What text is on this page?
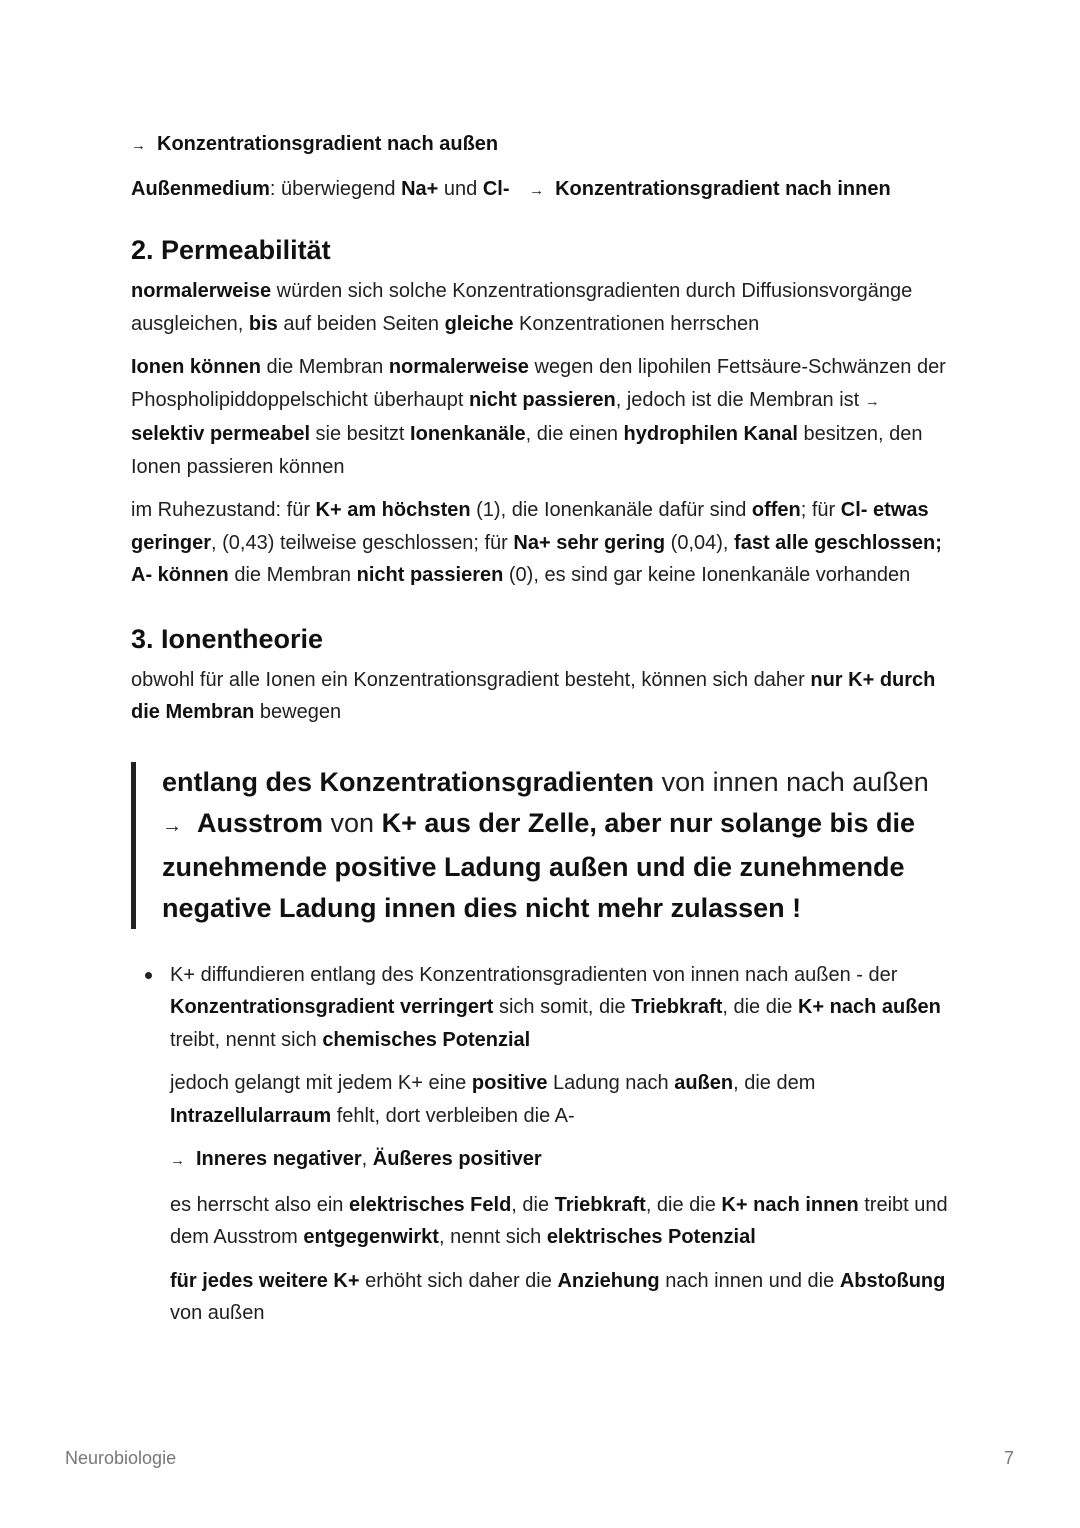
→ Konzentrationsgradient nach außen
Außenmedium: überwiegend Na+ und Cl- → Konzentrationsgradient nach innen
2. Permeabilität

normalerweise würden sich solche Konzentrationsgradienten durch Diffusionsvorgänge ausgleichen, bis auf beiden Seiten gleiche Konzentrationen herrschen

Ionen können die Membran normalerweise wegen den lipohilen Fettsäure-Schwänzen der Phospholipiddoppelschicht überhaupt nicht passieren, jedoch ist die Membran ist →selektiv permeabel sie besitzt Ionenkanäle, die einen hydrophilen Kanal besitzen, den Ionen passieren können

im Ruhezustand: für K+ am höchsten (1), die Ionenkanäle dafür sind offen; für Cl- etwas geringer, (0,43) teilweise geschlossen; für Na+ sehr gering (0,04), fast alle geschlossen; A- können die Membran nicht passieren (0), es sind gar keine Ionenkanäle vorhanden

3. Ionentheorie

obwohl für alle Ionen ein Konzentrationsgradient besteht, können sich daher nur K+ durch die Membran bewegen

entlang des Konzentrationsgradienten von innen nach außen → Ausstrom von K+ aus der Zelle, aber nur solange bis die zunehmende positive Ladung außen und die zunehmende negative Ladung innen dies nicht mehr zulassen !

K+ diffundieren entlang des Konzentrationsgradienten von innen nach außen - der Konzentrationsgradient verringert sich somit, die Triebkraft, die die K+ nach außen treibt, nennt sich chemisches Potenzial

jedoch gelangt mit jedem K+ eine positive Ladung nach außen, die dem Intrazellularraum fehlt, dort verbleiben die A-

→ Inneres negativer, Äußeres positiver

es herrscht also ein elektrisches Feld, die Triebkraft, die die K+ nach innen treibt und dem Ausstrom entgegenwirkt, nennt sich elektrisches Potenzial

für jedes weitere K+ erhöht sich daher die Anziehung nach innen und die Abstoßung von außen

Neurobiologie	7
